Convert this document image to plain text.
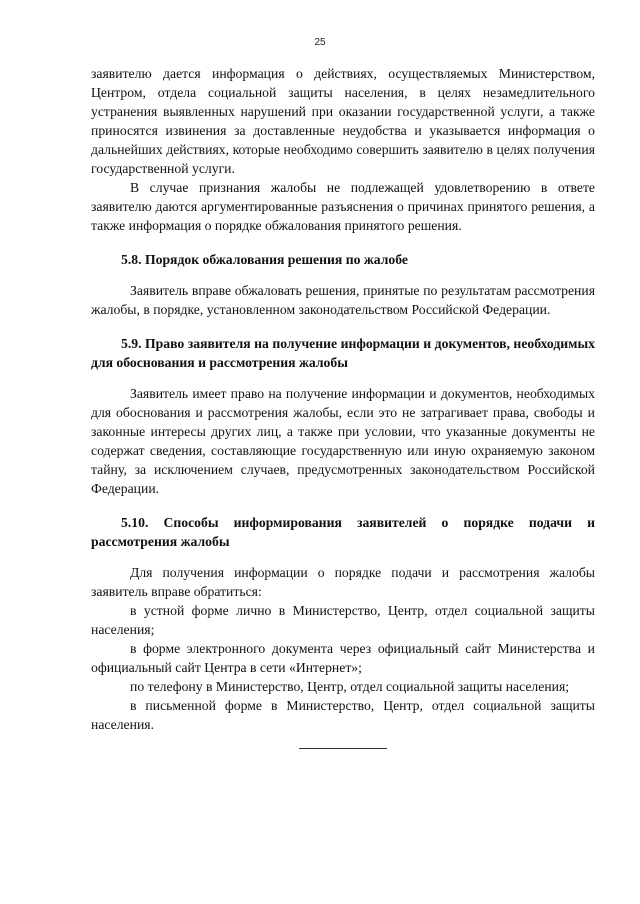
25

заявителю дается информация о действиях, осуществляемых Министерством, Центром, отдела социальной защиты населения, в целях незамедлительного устранения выявленных нарушений при оказании государственной услуги, а также приносятся извинения за доставленные неудобства и указывается информация о дальнейших действиях, которые необходимо совершить заявителю в целях получения государственной услуги.

В случае признания жалобы не подлежащей удовлетворению в ответе заявителю даются аргументированные разъяснения о причинах принятого решения, а также информация о порядке обжалования принятого решения.

5.8. Порядок обжалования решения по жалобе

Заявитель вправе обжаловать решения, принятые по результатам рассмотрения жалобы, в порядке, установленном законодательством Российской Федерации.

5.9. Право заявителя на получение информации и документов, необходимых для обоснования и рассмотрения жалобы

Заявитель имеет право на получение информации и документов, необходимых для обоснования и рассмотрения жалобы, если это не затрагивает права, свободы и законные интересы других лиц, а также при условии, что указанные документы не содержат сведения, составляющие государственную или иную охраняемую законом тайну, за исключением случаев, предусмотренных законодательством Российской Федерации.

5.10. Способы информирования заявителей о порядке подачи и рассмотрения жалобы

Для получения информации о порядке подачи и рассмотрения жалобы заявитель вправе обратиться:

в устной форме лично в Министерство, Центр, отдел социальной защиты населения;

в форме электронного документа через официальный сайт Министерства и официальный сайт Центра в сети «Интернет»;

по телефону в Министерство, Центр, отдел социальной защиты населения;

в письменной форме в Министерство, Центр, отдел социальной защиты населения.
